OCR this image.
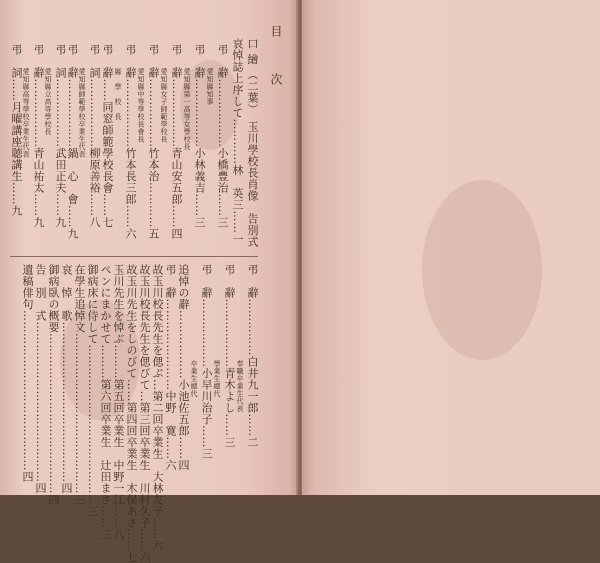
目 次
口 繪 （二葉）　玉川學校長肖像　告別式
哀悼誌上序して…………林　英三……一
弔　辭………………小橋豊治……三
愛知縣知事
弔　辭………………小林義吉……三
愛知縣第一高等女學校長
弔　辭………………青山安五郎……四
愛知縣女子師範學校長
弔　辭………………竹本治…………五
愛知縣中等學校長會長
弔　辭………………竹本長三郎……六
縣　學　校　長
弔　辭……同窓師範學校長會……七
弔　詞………………柳原善裕……八
愛知縣師範學校卒業生代表
弔　辭………………鍋　心　會……九
弔　詞………………武田正夫……九
愛知縣立高等學校長
弔　辭………………青山祐太……九
愛知縣高等學校卒業生代表
弔　詞……月曜講座聴講生……九
弔　辭……………白井九一郎……二
奉職卒業生代表
弔　辭………………青木よし……三
學業生總代
弔　辭………………小早川治子……三
卒業生總代
追悼の辭………………小池佐五郎……四
弔　辭……………………中野　寛……六
故玉川校長先生を偲ぶ…第二回卒業生　大林友子……六
故玉川校長先生を偲びて…第三回卒業生　川村久子……六
故玉川先生をしのびて……第四回卒業生　木俣あさ……七
玉川先生を悼ぶ………第五回卒業生　中野一江……八
ペンにまかせて………第六回卒業生　辻田まさ……三
御病床に侍して……………………………………三
在學生追悼文……………………………………三
哀　悼　歌……………………………………四
御病臥の概要……………………………………四
告　別　式……………………………………四
遺稿俳句……………………………………四
